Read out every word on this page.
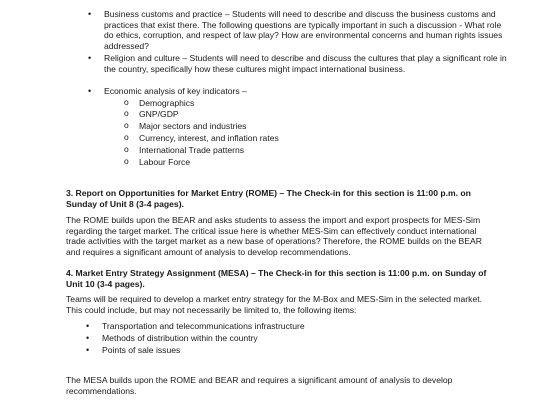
• Business customs and practice – Students will need to describe and discuss the business customs and practices that exist there. The following questions are typically important in such a discussion - What role do ethics, corruption, and respect of law play? How are environmental concerns and human rights issues addressed?
• Religion and culture – Students will need to describe and discuss the cultures that play a significant role in the country, specifically how these cultures might impact international business.
• Economic analysis of key indicators –
o Demographics
o GNP/GDP
o Major sectors and industries
o Currency, interest, and inflation rates
o International Trade patterns
o Labour Force

3. Report on Opportunities for Market Entry (ROME) – The Check-in for this section is 11:00 p.m. on Sunday of Unit 8 (3-4 pages).

The ROME builds upon the BEAR and asks students to assess the import and export prospects for MES-Sim regarding the target market. The critical issue here is whether MES-Sim can effectively conduct international trade activities with the target market as a new base of operations? Therefore, the ROME builds on the BEAR and requires a significant amount of analysis to develop recommendations.

4. Market Entry Strategy Assignment (MESA) – The Check-in for this section is 11:00 p.m. on Sunday of Unit 10 (3-4 pages).

Teams will be required to develop a market entry strategy for the M-Box and MES-Sim in the selected market. This could include, but may not necessarily be limited to, the following items:

• Transportation and telecommunications infrastructure
• Methods of distribution within the country
• Points of sale issues

The MESA builds upon the ROME and BEAR and requires a significant amount of analysis to develop recommendations.
